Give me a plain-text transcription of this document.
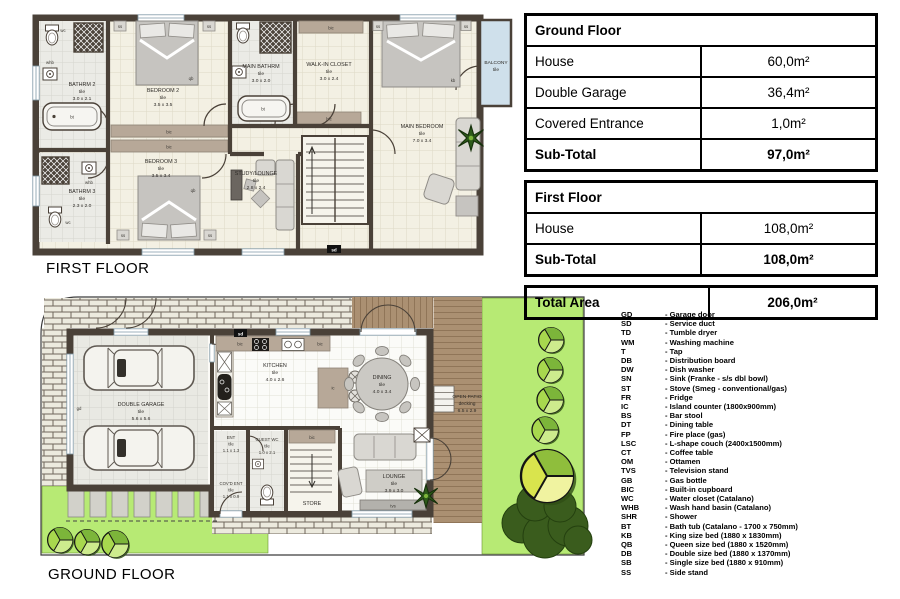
bic
bic
bic
bic
sd
wc
whb
bt
whb
wc
bt
qb
ss	ss
qb
ss	ss
kb
ss	ss
BATHRM 2
tile
3.0 x 2.1
BEDROOM 2
tile
3.5 x 3.5
MAIN BATHRM
tile
3.0 x 2.0
WALK-IN CLOSET
tile
3.0 x 2.4
MAIN BEDROOM
tile
7.0 x 3.4
BALCONY
tile
BATHRM 3
tile
2.3 x 2.0
BEDROOM 3
tile
3.5 x 3.4	STUDY/LOUNGE
tile
2.8 x 2.4
FIRST FLOOR
gd
DOUBLE GARAGE
tile
5.6 x 5.6
bic	bic
sd
ic
KITCHEN
tile
4.0 x 2.6	DINING
tile
4.0 x 3.4
OPEN PATIO
decking
6.5 x 2.9
ENT
tile
1.1 x 1.3
COV'D ENT
tile
1.1 x 0.9
GUEST WC
tile
1.0 x 2.1
bic
STORE	tvs
LOUNGE
tile
3.9 x 3.0
GROUND FLOOR
Ground Floor	
House	60,0m²
Double Garage	36,4m²
Covered Entrance	1,0m²
Sub-Total	97,0m²
First Floor	
House	108,0m²
Sub-Total	108,0m²
Total Area	206,0m²
GD	- Garage door
SD	- Service duct
TD	- Tumble dryer
WM	- Washing machine
T	- Tap
DB	- Distribution board
DW	- Dish washer
SN	- Sink (Franke - s/s dbl bowl)
ST	- Stove (Smeg - conventional/gas)
FR	- Fridge
IC	- Island counter (1800x900mm)
BS	- Bar stool
DT	- Dining table
FP	- Fire place (gas)
LSC	- L-shape couch (2400x1500mm)
CT	- Coffee table
OM	- Ottamen
TVS	- Television stand
GB	- Gas bottle
BIC	- Built-in cupboard
WC	- Water closet (Catalano)
WHB	- Wash hand basin (Catalano)
SHR	- Shower
BT	- Bath tub (Catalano - 1700 x 750mm)
KB	- King size bed (1880 x 1830mm)
QB	- Queen size bed (1880 x 1520mm)
DB	- Double size bed (1880 x 1370mm)
SB	- Single size bed (1880 x 910mm)
SS	- Side stand
